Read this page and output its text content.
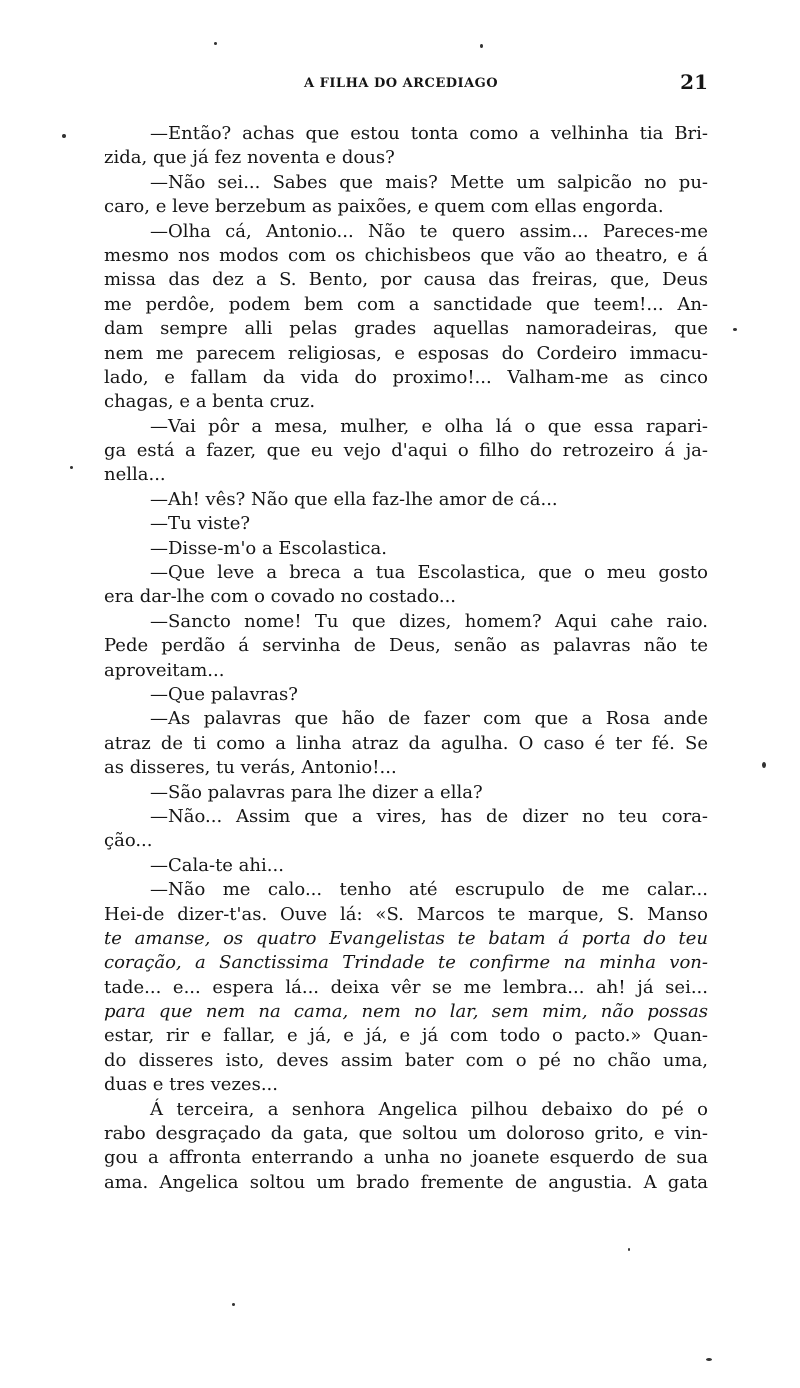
A FILHA DO ARCEDIAGO	21
—Então? achas que estou tonta como a velhinha tia Bri-
zida, que já fez noventa e dous?
—Não sei... Sabes que mais? Mette um salpicão no pu-
caro, e leve berzebum as paixões, e quem com ellas engorda.
—Olha cá, Antonio... Não te quero assim... Pareces-me
mesmo nos modos com os chichisbeos que vão ao theatro, e á
missa das dez a S. Bento, por causa das freiras, que, Deus
me perdôe, podem bem com a sanctidade que teem!... An-
dam sempre alli pelas grades aquellas namoradeiras, que
nem me parecem religiosas, e esposas do Cordeiro immacu-
lado, e fallam da vida do proximo!... Valham-me as cinco
chagas, e a benta cruz.
—Vai pôr a mesa, mulher, e olha lá o que essa rapari-
ga está a fazer, que eu vejo d'aqui o filho do retrozeiro á ja-
nella...
—Ah! vês? Não que ella faz-lhe amor de cá...
—Tu viste?
—Disse-m'o a Escolastica.
—Que leve a breca a tua Escolastica, que o meu gosto
era dar-lhe com o covado no costado...
—Sancto nome! Tu que dizes, homem? Aqui cahe raio.
Pede perdão á servinha de Deus, senão as palavras não te
aproveitam...
—Que palavras?
—As palavras que hão de fazer com que a Rosa ande
atraz de ti como a linha atraz da agulha. O caso é ter fé. Se
as disseres, tu verás, Antonio!...
—São palavras para lhe dizer a ella?
—Não... Assim que a vires, has de dizer no teu cora-
ção...
—Cala-te ahi...
—Não me calo... tenho até escrupulo de me calar...
Hei-de dizer-t'as. Ouve lá: «S. Marcos te marque, S. Manso
te amanse, os quatro Evangelistas te batam á porta do teu
coração, a Sanctissima Trindade te confirme na minha von-
tade... e... espera lá... deixa vêr se me lembra... ah! já sei...
para que nem na cama, nem no lar, sem mim, não possas
estar, rir e fallar, e já, e já, e já com todo o pacto.» Quan-
do disseres isto, deves assim bater com o pé no chão uma,
duas e tres vezes...
Á terceira, a senhora Angelica pilhou debaixo do pé o
rabo desgraçado da gata, que soltou um doloroso grito, e vin-
gou a affronta enterrando a unha no joanete esquerdo de sua
ama. Angelica soltou um brado fremente de angustia. A gata
